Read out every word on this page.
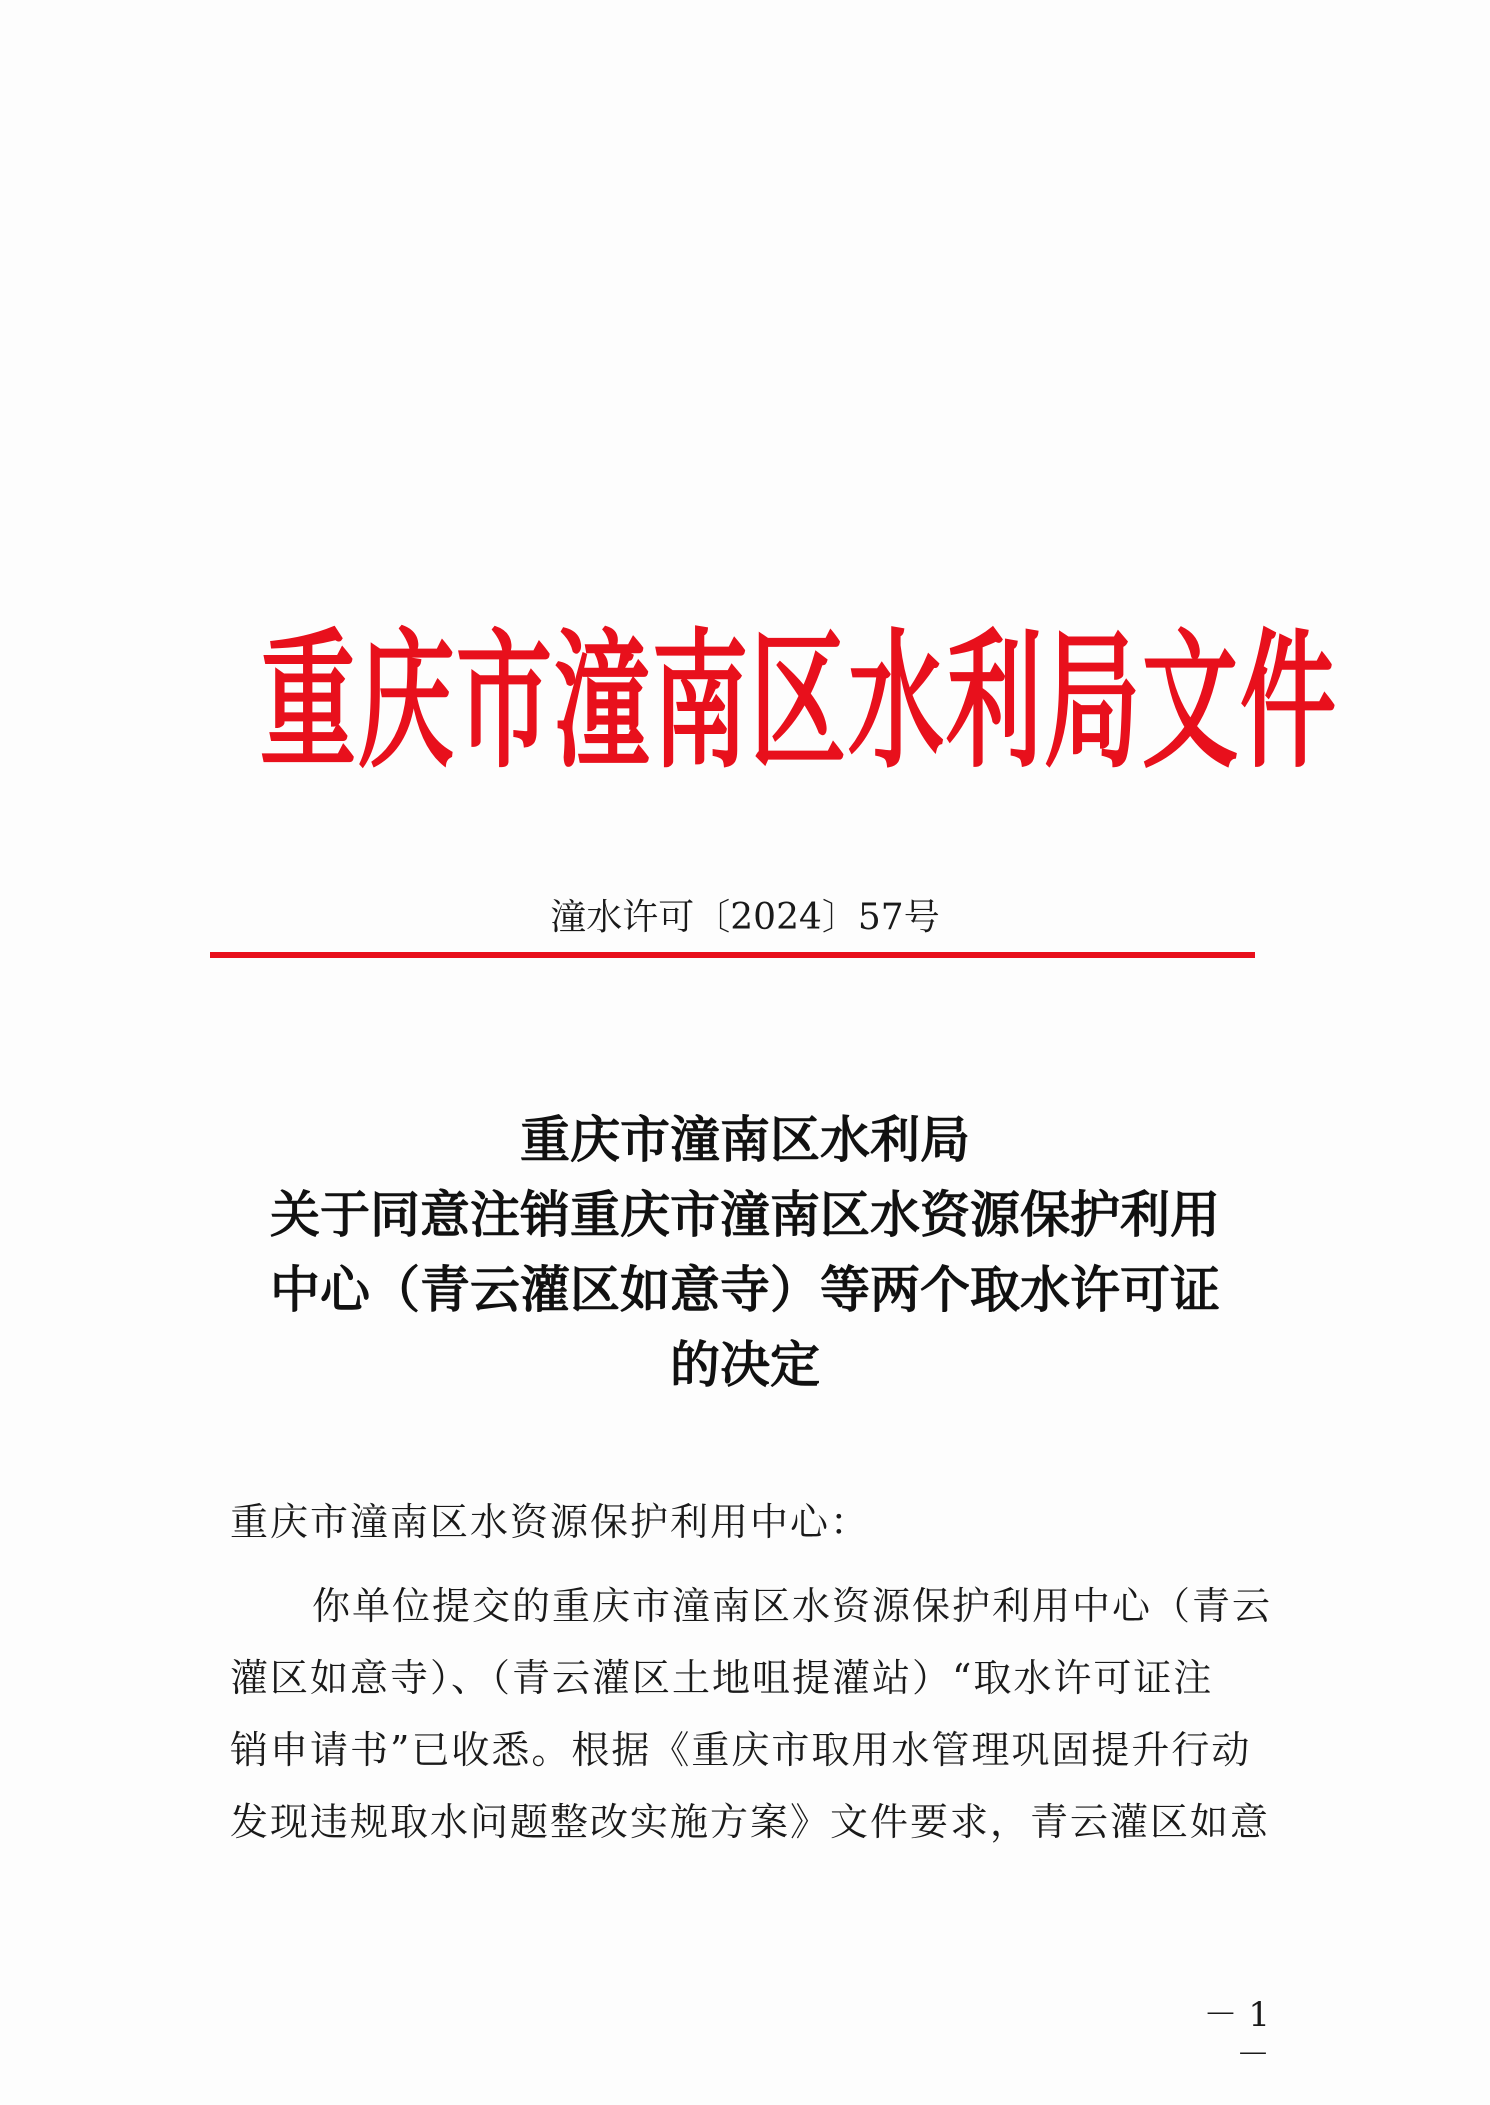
重庆市潼南区水利局文件
潼水许可〔2024〕57号
重庆市潼南区水利局
关于同意注销重庆市潼南区水资源保护利用
中心（青云灌区如意寺）等两个取水许可证
的决定
重庆市潼南区水资源保护利用中心：
你单位提交的重庆市潼南区水资源保护利用中心（青云
灌区如意寺）、（青云灌区土地咀提灌站）“取水许可证注
销申请书”已收悉。根据《重庆市取用水管理巩固提升行动
发现违规取水问题整改实施方案》文件要求，青云灌区如意
－ 1 －
